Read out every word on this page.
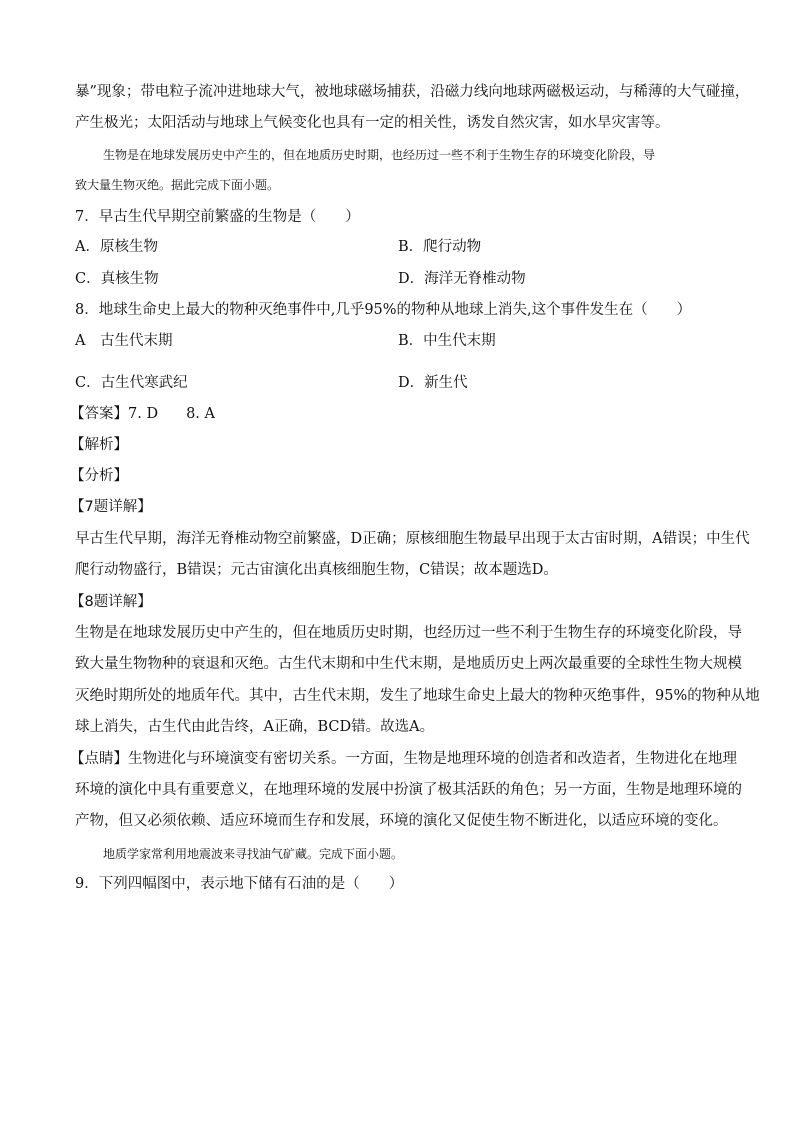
暴”现象；带电粒子流冲进地球大气，被地球磁场捕获，沿磁力线向地球两磁极运动，与稀薄的大气碰撞，
产生极光；太阳活动与地球上气候变化也具有一定的相关性，诱发自然灾害，如水旱灾害等。
生物是在地球发展历史中产生的，但在地质历史时期，也经历过一些不利于生物生存的环境变化阶段，导
致大量生物灭绝。据此完成下面小题。
7．早古生代早期空前繁盛的生物是（　　）
A．原核生物	B．爬行动物
C．真核生物	D．海洋无脊椎动物
8．地球生命史上最大的物种灭绝事件中,几乎95%的物种从地球上消失,这个事件发生在（　　）
A　古生代末期	B．中生代末期
C．古生代寒武纪	D．新生代
【答案】7. D 8. A
【解析】
【分析】
【7题详解】
早古生代早期，海洋无脊椎动物空前繁盛，D正确；原核细胞生物最早出现于太古宙时期，A错误；中生代
爬行动物盛行，B错误；元古宙演化出真核细胞生物，C错误；故本题选D。
【8题详解】
生物是在地球发展历史中产生的，但在地质历史时期，也经历过一些不利于生物生存的环境变化阶段，导
致大量生物物种的衰退和灭绝。古生代末期和中生代末期，是地质历史上两次最重要的全球性生物大规模
灭绝时期所处的地质年代。其中，古生代末期，发生了地球生命史上最大的物种灭绝事件，95%的物种从地
球上消失，古生代由此告终，A正确，BCD错。故选A。
【点睛】生物进化与环境演变有密切关系。一方面，生物是地理环境的创造者和改造者，生物进化在地理
环境的演化中具有重要意义，在地理环境的发展中扮演了极其活跃的角色；另一方面，生物是地理环境的
产物，但又必须依赖、适应环境而生存和发展，环境的演化又促使生物不断进化，以适应环境的变化。
地质学家常利用地震波来寻找油气矿藏。完成下面小题。
9．下列四幅图中，表示地下储有石油的是（　　）
